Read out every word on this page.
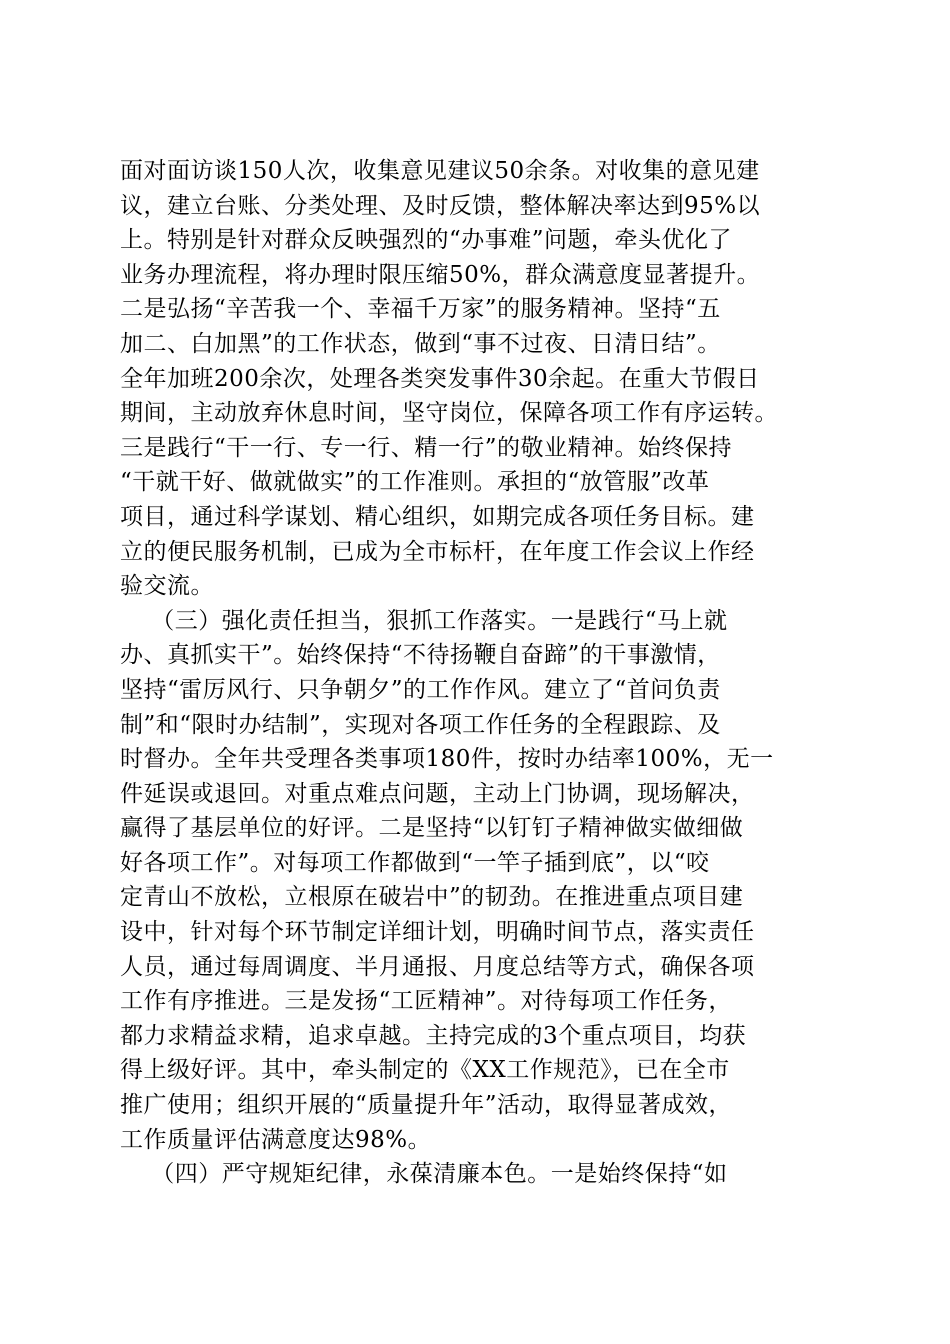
面对面访谈150人次，收集意见建议50余条。对收集的意见建
议，建立台账、分类处理、及时反馈，整体解决率达到95%以
上。特别是针对群众反映强烈的“办事难”问题，牵头优化了
业务办理流程，将办理时限压缩50%，群众满意度显著提升。
二是弘扬“辛苦我一个、幸福千万家”的服务精神。坚持“五
加二、白加黑”的工作状态，做到“事不过夜、日清日结”。
全年加班200余次，处理各类突发事件30余起。在重大节假日
期间，主动放弃休息时间，坚守岗位，保障各项工作有序运转。
三是践行“干一行、专一行、精一行”的敬业精神。始终保持
“干就干好、做就做实”的工作准则。承担的“放管服”改革
项目，通过科学谋划、精心组织，如期完成各项任务目标。建
立的便民服务机制，已成为全市标杆，在年度工作会议上作经
验交流。
（三）强化责任担当，狠抓工作落实。一是践行“马上就
办、真抓实干”。始终保持“不待扬鞭自奋蹄”的干事激情，
坚持“雷厉风行、只争朝夕”的工作作风。建立了“首问负责
制”和“限时办结制”，实现对各项工作任务的全程跟踪、及
时督办。全年共受理各类事项180件，按时办结率100%，无一
件延误或退回。对重点难点问题，主动上门协调，现场解决，
赢得了基层单位的好评。二是坚持“以钉钉子精神做实做细做
好各项工作”。对每项工作都做到“一竿子插到底”，以“咬
定青山不放松，立根原在破岩中”的韧劲。在推进重点项目建
设中，针对每个环节制定详细计划，明确时间节点，落实责任
人员，通过每周调度、半月通报、月度总结等方式，确保各项
工作有序推进。三是发扬“工匠精神”。对待每项工作任务，
都力求精益求精，追求卓越。主持完成的3个重点项目，均获
得上级好评。其中，牵头制定的《XX工作规范》，已在全市
推广使用；组织开展的“质量提升年”活动，取得显著成效，
工作质量评估满意度达98%。
（四）严守规矩纪律，永葆清廉本色。一是始终保持“如
